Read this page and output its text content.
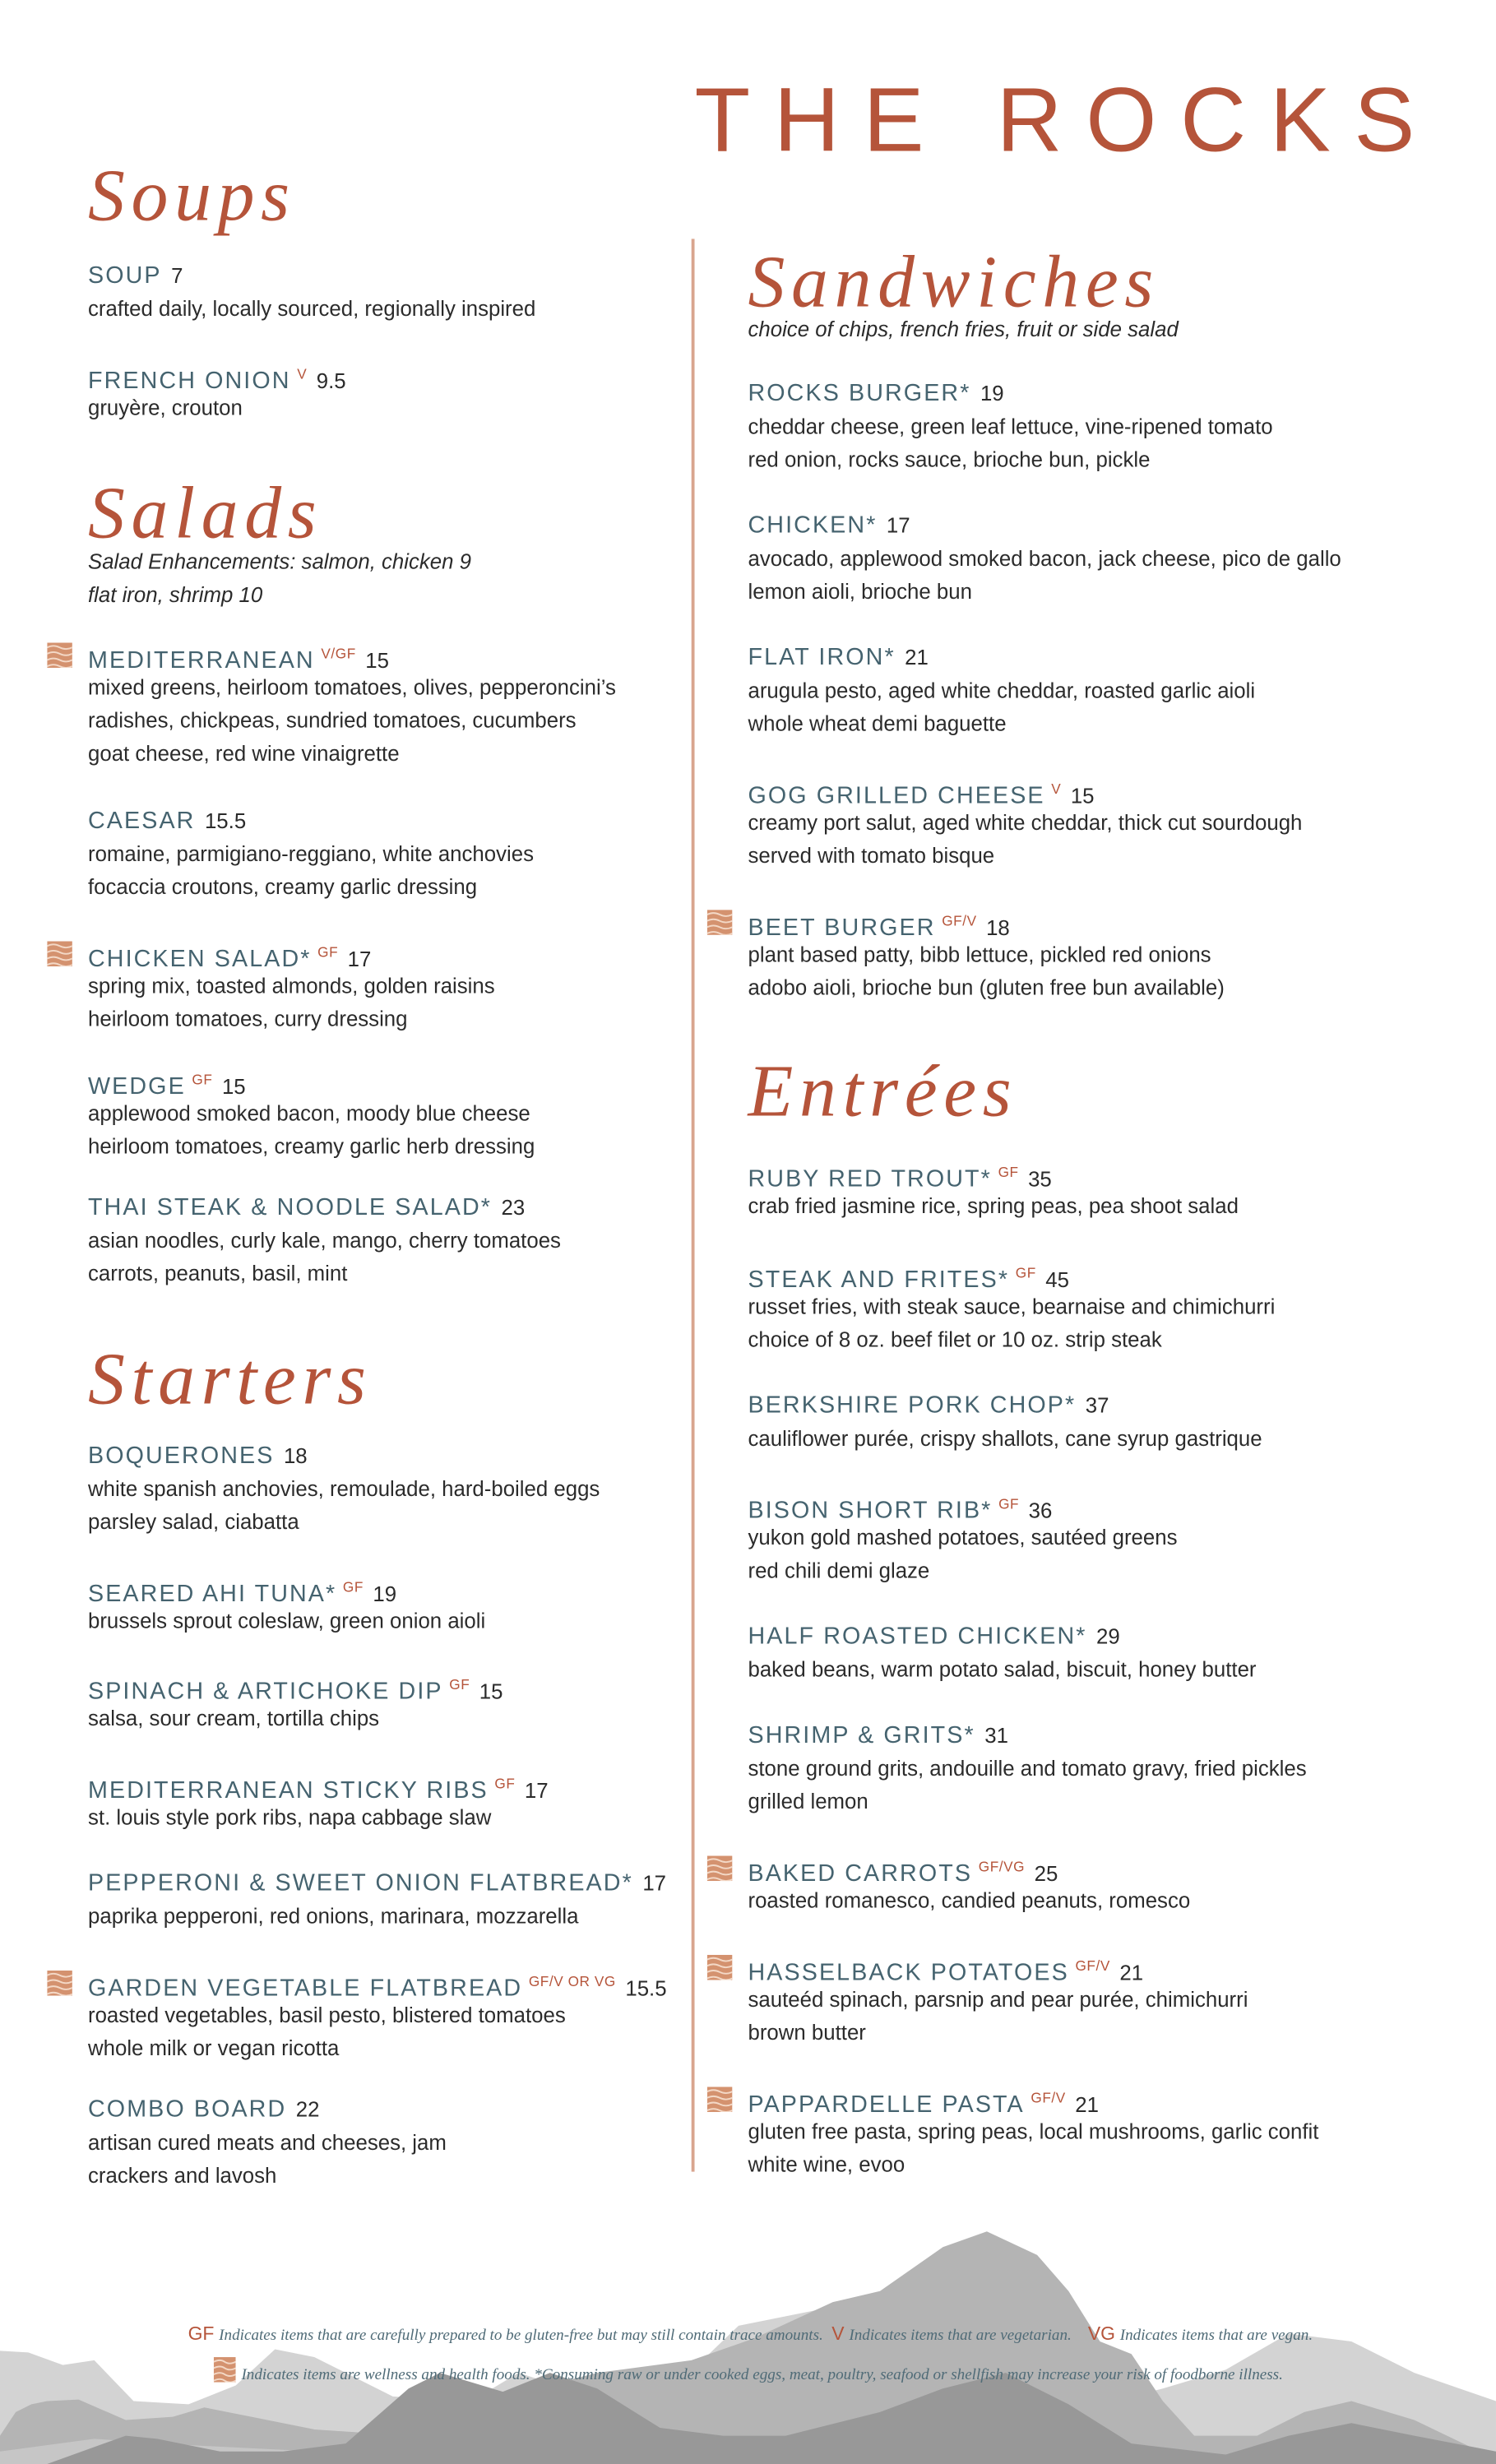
THE ROCKS
Soups
Salads
Salad Enhancements: salmon, chicken 9
flat iron, shrimp 10
Starters
Sandwiches
choice of chips, french fries, fruit or side salad
Entrées
SOUP 7
crafted daily, locally sourced, regionally inspired
FRENCH ONION $^V$ 9.5
gruyère, crouton
MEDITERRANEAN $^{V/GF}$ 15
mixed greens, heirloom tomatoes, olives, pepperoncini’s
radishes, chickpeas, sundried tomatoes, cucumbers
goat cheese, red wine vinaigrette
CAESAR 15.5
romaine, parmigiano-reggiano, white anchovies
focaccia croutons, creamy garlic dressing
CHICKEN SALAD* $^{GF}$ 17
spring mix, toasted almonds, golden raisins
heirloom tomatoes, curry dressing
WEDGE $^{GF}$ 15
applewood smoked bacon, moody blue cheese
heirloom tomatoes, creamy garlic herb dressing
THAI STEAK & NOODLE SALAD* 23
asian noodles, curly kale, mango, cherry tomatoes
carrots, peanuts, basil, mint
BOQUERONES 18
white spanish anchovies, remoulade, hard-boiled eggs
parsley salad, ciabatta
SEARED AHI TUNA* $^{GF}$ 19
brussels sprout coleslaw, green onion aioli
SPINACH & ARTICHOKE DIP $^{GF}$ 15
salsa, sour cream, tortilla chips
MEDITERRANEAN STICKY RIBS $^{GF}$ 17
st. louis style pork ribs, napa cabbage slaw
PEPPERONI & SWEET ONION FLATBREAD* 17
paprika pepperoni, red onions, marinara, mozzarella
GARDEN VEGETABLE FLATBREAD $^{GF/V OR VG}$ 15.5
roasted vegetables, basil pesto, blistered tomatoes
whole milk or vegan ricotta
COMBO BOARD 22
artisan cured meats and cheeses, jam
crackers and lavosh
ROCKS BURGER* 19
cheddar cheese, green leaf lettuce, vine-ripened tomato
red onion, rocks sauce, brioche bun, pickle
CHICKEN* 17
avocado, applewood smoked bacon, jack cheese, pico de gallo
lemon aioli, brioche bun
FLAT IRON* 21
arugula pesto, aged white cheddar, roasted garlic aioli
whole wheat demi baguette
GOG GRILLED CHEESE $^V$ 15
creamy port salut, aged white cheddar, thick cut sourdough
served with tomato bisque
BEET BURGER $^{GF/V}$ 18
plant based patty, bibb lettuce, pickled red onions
adobo aioli, brioche bun (gluten free bun available)
RUBY RED TROUT* $^{GF}$ 35
crab fried jasmine rice, spring peas, pea shoot salad
STEAK AND FRITES* $^{GF}$ 45
russet fries, with steak sauce, bearnaise and chimichurri
choice of 8 oz. beef filet or 10 oz. strip steak
BERKSHIRE PORK CHOP* 37
cauliflower purée, crispy shallots, cane syrup gastrique
BISON SHORT RIB* $^{GF}$ 36
yukon gold mashed potatoes, sautéed greens
red chili demi glaze
HALF ROASTED CHICKEN* 29
baked beans, warm potato salad, biscuit, honey butter
SHRIMP & GRITS* 31
stone ground grits, andouille and tomato gravy, fried pickles
grilled lemon
BAKED CARROTS $^{GF/VG}$ 25
roasted romanesco, candied peanuts, romesco
HASSELBACK POTATOES $^{GF/V}$ 21
sauteéd spinach, parsnip and pear purée, chimichurri
brown butter
PAPPARDELLE PASTA $^{GF/V}$ 21
gluten free pasta, spring peas, local mushrooms, garlic confit
white wine, evoo
GF Indicates items that are carefully prepared to be gluten-free but may still contain trace amounts. V Indicates items that are vegetarian. VG Indicates items that are vegan.
Indicates items are wellness and health foods. *Consuming raw or under cooked eggs, meat, poultry, seafood or shellfish may increase your risk of foodborne illness.
